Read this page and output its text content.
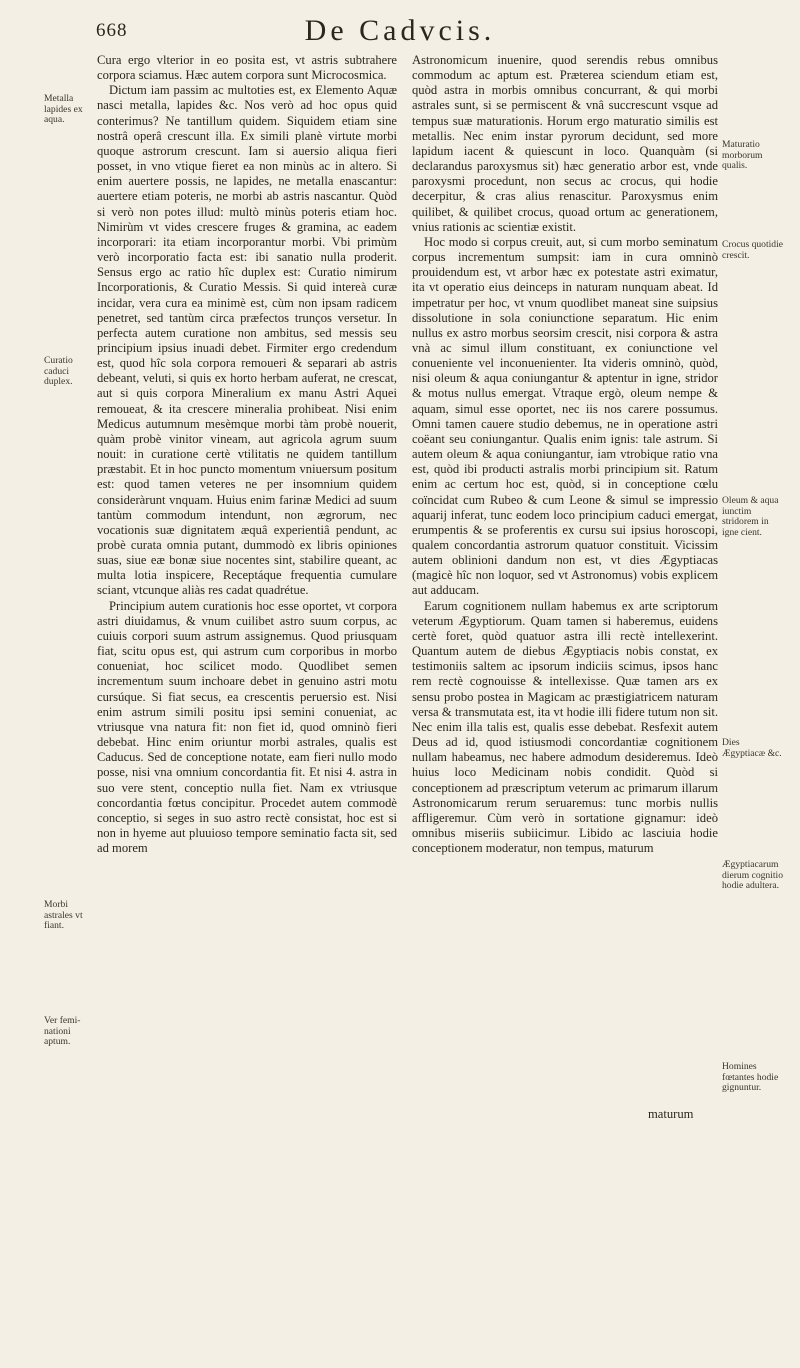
668	De Cadvcis.

Cura ergo vlterior in eo posita est, vt astris subtrahere corpora sciamus. Hæc autem corpora sunt Microcosmica.

Dictum iam passim ac multoties est, ex Elemento Aquæ nasci metalla, lapides &c. Nos verò ad hoc opus quid conterimus? Ne tantillum quidem. Siquidem etiam sine nostrâ operâ crescunt illa. Ex simili planè virtute morbi quoque astrorum crescunt. Iam si auersio aliqua fieri posset, in vno vtique fieret ea non minùs ac in altero. Si enim auertere possis, ne lapides, ne metalla enascantur: auertere etiam poteris, ne morbi ab astris nascantur. Quòd si verò non potes illud: multò minùs poteris etiam hoc. Nimirùm vt vides crescere fruges & gramina, ac eadem incorporari: ita etiam incorporantur morbi. Vbi primùm verò incorporatio facta est: ibi sanatio nulla proderit. Sensus ergo ac ratio hîc duplex est: Curatio nimirum Incorporationis, & Curatio Messis. Si quid intereà curæ incidar, vera cura ea minimè est, cùm non ipsam radicem penetret, sed tantùm circa præfectos trunços versetur. In perfecta autem curatione non ambitus, sed messis seu principium ipsius inuadi debet. Firmiter ergo credendum est, quod hîc sola corpora remoueri & separari ab astris debeant, veluti, si quis ex horto herbam auferat, ne crescat, aut si quis corpora Mineralium ex manu Astri Aquei remoueat, & ita crescere mineralia prohibeat. Nisi enim Medicus autumnum mesèmque morbi tàm probè nouerit, quàm probè vinitor vineam, aut agricola agrum suum nouit: in curatione certè vtilitatis ne quidem tantillum præstabit. Et in hoc puncto momentum vniuersum positum est: quod tamen veteres ne per insomnium quidem consideràrunt vnquam. Huius enim farinæ Medici ad suum tantùm commodum intendunt, non ægrorum, nec vocationis suæ dignitatem æquâ experientiâ pendunt, ac probè curata omnia putant, dummodò ex libris opiniones suas, siue eæ bonæ siue nocentes sint, stabilire queant, ac multa lotia inspicere, Receptáque frequentia cumulare sciant, vtcunque aliàs res cadat quadrétue.

Principium autem curationis hoc esse oportet, vt corpora astri diuidamus, & vnum cuilibet astro suum corpus, ac cuiuis corpori suum astrum assignemus. Quod priusquam fiat, scitu opus est, qui astrum cum corporibus in morbo conueniat, hoc scilicet modo. Quodlibet semen incrementum suum inchoare debet in genuino astri motu cursúque. Si fiat secus, ea crescentis peruersio est. Nisi enim astrum simili positu ipsi semini conueniat, ac vtriusque vna natura fit: non fiet id, quod omninò fieri debebat. Hinc enim oriuntur morbi astrales, qualis est Caducus. Sed de conceptione notate, eam fieri nullo modo posse, nisi vna omnium concordantia fit. Et nisi 4. astra in suo vere stent, conceptio nulla fiet. Nam ex vtriusque concordantia fœtus concipitur. Procedet autem commodè conceptio, si seges in suo astro rectè consistat, hoc est si non in hyeme aut pluuioso tempore seminatio facta sit, sed ad morem

Astronomicum inuenire, quod serendis rebus omnibus commodum ac aptum est. Præterea sciendum etiam est, quòd astra in morbis omnibus concurrant, & qui morbi astrales sunt, si se permiscent & vnâ succrescunt vsque ad tempus suæ maturationis. Horum ergo maturatio similis est metallis. Nec enim instar pyrorum decidunt, sed more lapidum iacent & quiescunt in loco. Quanquàm (si declarandus paroxysmus sit) hæc generatio arbor est, vnde paroxysmi procedunt, non secus ac crocus, qui hodie decerpitur, & cras alius renascitur. Paroxysmus enim quilibet, & quilibet crocus, quoad ortum ac generationem, vnius rationis ac scientiæ existit.

Hoc modo si corpus creuit, aut, si cum morbo seminatum corpus incrementum sumpsit: iam in cura omninò prouidendum est, vt arbor hæc ex potestate astri eximatur, ita vt operatio eius deinceps in naturam nunquam abeat. Id impetratur per hoc, vt vnum quodlibet maneat sine suipsius dissolutione in sola coniunctione separatum. Hic enim nullus ex astro morbus seorsim crescit, nisi corpora & astra vnà ac simul illum constituant, ex coniunctione vel conueniente vel inconuenienter. Ita videris omninò, quòd, nisi oleum & aqua coniungantur & aptentur in igne, stridor & motus nullus emergat. Vtraque ergò, oleum nempe & aquam, simul esse oportet, nec iis nos carere possumus. Omni tamen cauere studio debemus, ne in operatione astri coëant seu coniungantur. Qualis enim ignis: tale astrum. Si autem oleum & aqua coniungantur, iam vtrobique ratio vna est, quòd ibi producti astralis morbi principium sit. Ratum enim ac certum hoc est, quòd, si in conceptione cœlu coïncidat cum Rubeo & cum Leone & simul se impressio aquarij inferat, tunc eodem loco principium caduci emergat, erumpentis & se proferentis ex cursu sui ipsius horoscopi, qualem concordantia astrorum quatuor constituit. Vicissim autem oblinioni dandum non est, vt dies Ægyptiacas (magicè hîc non loquor, sed vt Astronomus) vobis explicem aut adducam.

Earum cognitionem nullam habemus ex arte scriptorum veterum Ægyptiorum. Quam tamen si haberemus, euidens certè foret, quòd quatuor astra illi rectè intellexerint. Quantum autem de diebus Ægyptiacis nobis constat, ex testimoniis saltem ac ipsorum indiciis scimus, ipsos hanc rem rectè cognouisse & intellexisse. Quæ tamen ars ex sensu probo postea in Magicam ac præstigiatricem naturam versa & transmutata est, ita vt hodie illi fidere tutum non sit. Nec enim illa talis est, qualis esse debebat. Resfexit autem Deus ad id, quod istiusmodi concordantiæ cognitionem nullam habeamus, nec habere admodum desideremus. Ideò huius loco Medicinam nobis condidit. Quòd si conceptionem ad præscriptum veterum ac primarum illarum Astronomicarum rerum seruaremus: tunc morbis nullis affligeremur. Cùm verò in sortatione gignamur: ideò omnibus miseriis subiicimur. Libido ac lasciuia hodie conceptionem moderatur, non tempus, maturum

Metalla lapides ex aqua.
Curatio caduci duplex.
Morbi astrales vt fiant.
Ver femi-nationi aptum.
Maturatio morborum qualis.
Crocus quotidie crescit.
Oleum & aqua iunctim stridorem in igne cient.
Dies Ægyptiacæ &c.
Ægyptiacarum dierum cognitio hodie adultera.
Homines fœtantes hodie gignuntur.
maturum
